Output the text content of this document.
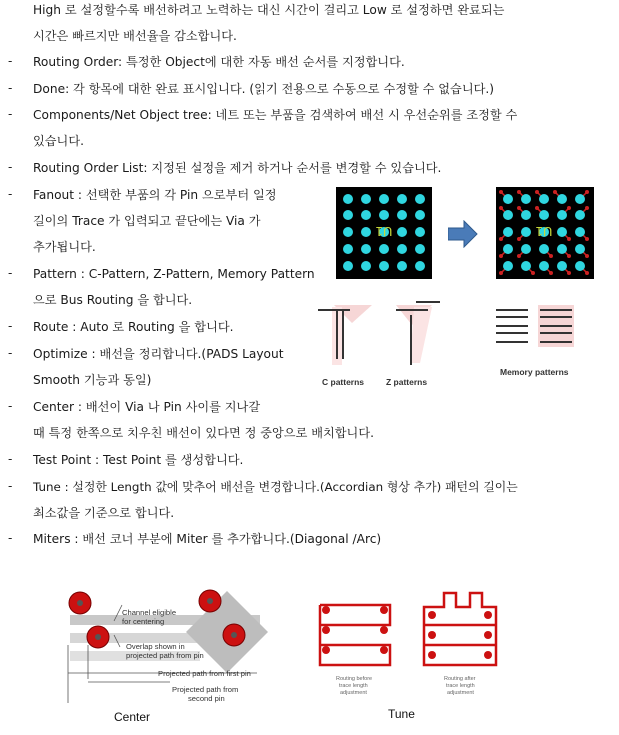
High 로 설정할수록 배선하려고 노력하는 대신 시간이 걸리고 Low 로 설정하면 완료되는
시간은 빠르지만 배선율을 감소합니다.
- Routing Order: 특정한 Object에 대한 자동 배선 순서를 지정합니다.
- Done: 각 항목에 대한 완료 표시입니다. (읽기 전용으로 수동으로 수정할 수 없습니다.)
- Components/Net Object tree: 네트 또는 부품을 검색하여 배선 시 우선순위를 조정할 수
있습니다.
- Routing Order List: 지정된 설정을 제거 하거나 순서를 변경할 수 있습니다.
- Fanout : 선택한 부품의 각 Pin 으로부터 일정
길이의 Trace 가 입력되고 끝단에는 Via 가
추가됩니다.
- Pattern : C-Pattern, Z-Pattern, Memory Pattern
으로 Bus Routing 을 합니다.
- Route : Auto 로 Routing 을 합니다.
- Optimize : 배선을 정리합니다.(PADS Layout
Smooth 기능과 동일)
- Center : 배선이 Via 나 Pin 사이를 지나갈
때 특정 한쪽으로 치우친 배선이 있다면 정 중앙으로 배치합니다.
- Test Point : Test Point 를 생성합니다.
- Tune : 설정한 Length 값에 맞추어 배선을 변경합니다.(Accordian 형상 추가) 패턴의 길이는
최소값을 기준으로 합니다.
- Miters : 배선 코너 부분에 Miter 를 추가합니다.(Diagonal /Arc)
U1	U1
C patterns	Z patterns
Memory patterns
Channel eligible
for centering
Overlap shown in
projected path from pin
Projected path from first pin
Projected path from
second pin
Center
Routing before
trace length
adjustment
Routing after
trace length
adjustment
Tune
